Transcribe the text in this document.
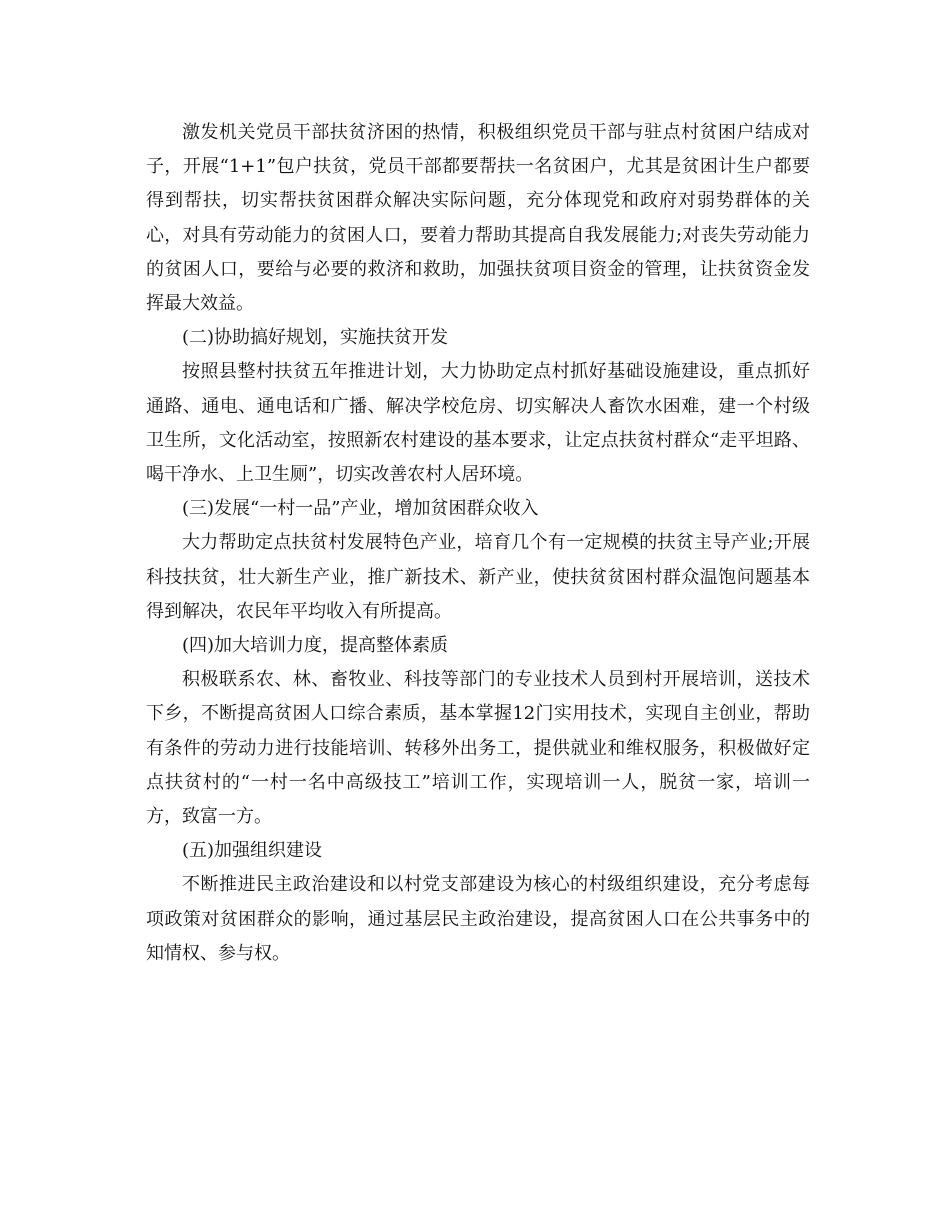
激发机关党员干部扶贫济困的热情，积极组织党员干部与驻点村贫困户结成对子，开展“1+1”包户扶贫，党员干部都要帮扶一名贫困户，尤其是贫困计生户都要得到帮扶，切实帮扶贫困群众解决实际问题，充分体现党和政府对弱势群体的关心，对具有劳动能力的贫困人口，要着力帮助其提高自我发展能力;对丧失劳动能力的贫困人口，要给与必要的救济和救助，加强扶贫项目资金的管理，让扶贫资金发挥最大效益。

(二)协助搞好规划，实施扶贫开发

按照县整村扶贫五年推进计划，大力协助定点村抓好基础设施建设，重点抓好通路、通电、通电话和广播、解决学校危房、切实解决人畜饮水困难，建一个村级卫生所，文化活动室，按照新农村建设的基本要求，让定点扶贫村群众“走平坦路、喝干净水、上卫生厕”，切实改善农村人居环境。

(三)发展“一村一品”产业，增加贫困群众收入

大力帮助定点扶贫村发展特色产业，培育几个有一定规模的扶贫主导产业;开展科技扶贫，壮大新生产业，推广新技术、新产业，使扶贫贫困村群众温饱问题基本得到解决，农民年平均收入有所提高。

(四)加大培训力度，提高整体素质

积极联系农、林、畜牧业、科技等部门的专业技术人员到村开展培训，送技术下乡，不断提高贫困人口综合素质，基本掌握12门实用技术，实现自主创业，帮助有条件的劳动力进行技能培训、转移外出务工，提供就业和维权服务，积极做好定点扶贫村的“一村一名中高级技工”培训工作，实现培训一人，脱贫一家，培训一方，致富一方。

(五)加强组织建设

不断推进民主政治建设和以村党支部建设为核心的村级组织建设，充分考虑每项政策对贫困群众的影响，通过基层民主政治建设，提高贫困人口在公共事务中的知情权、参与权。
